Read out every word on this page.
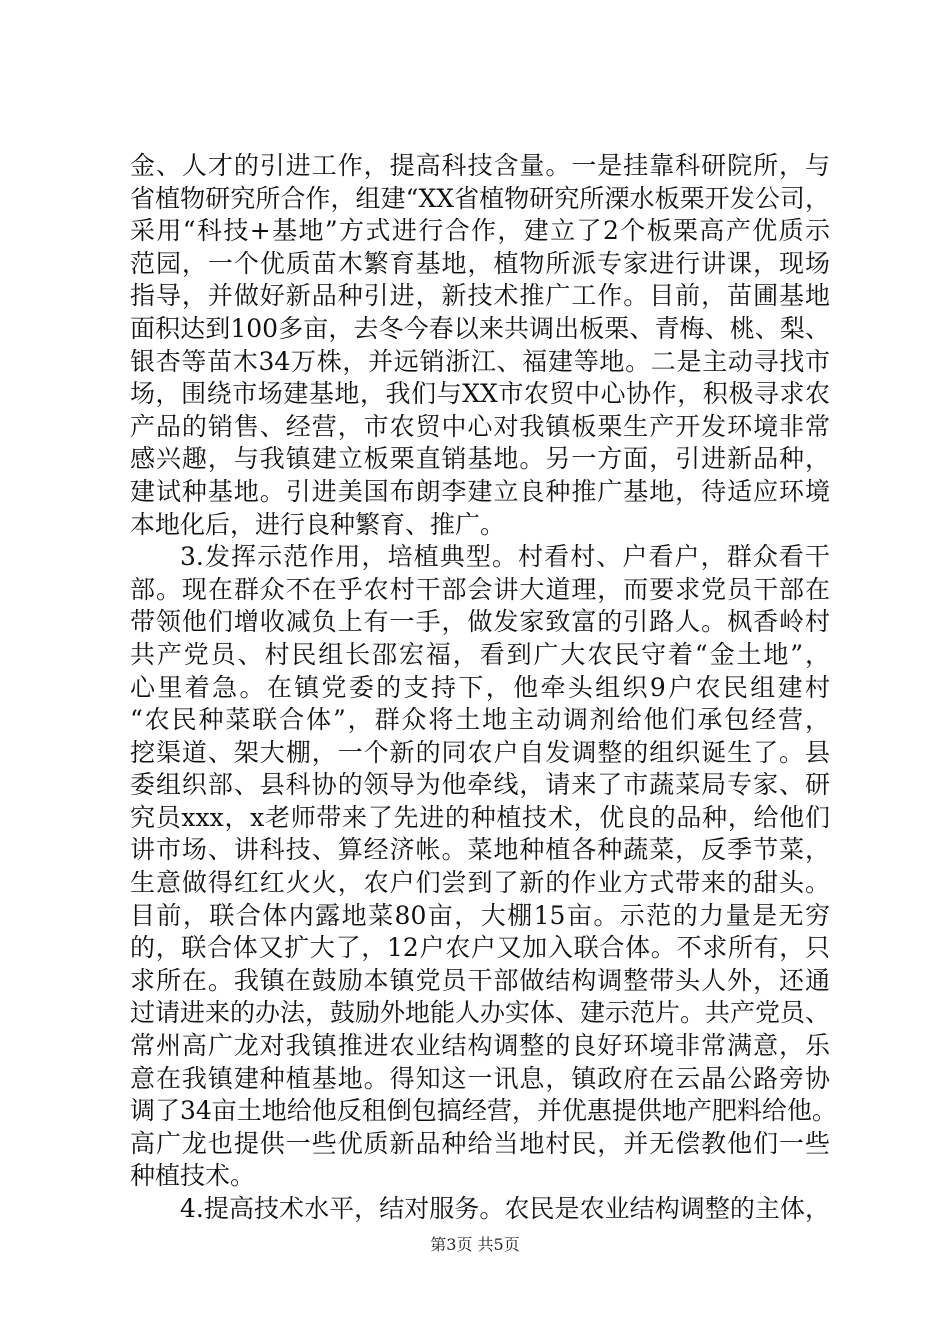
金、人才的引进工作，提高科技含量。一是挂靠科研院所，与
省植物研究所合作，组建“XX省植物研究所溧水板栗开发公司，
采用“科技+基地”方式进行合作，建立了2个板栗高产优质示
范园，一个优质苗木繁育基地，植物所派专家进行讲课，现场
指导，并做好新品种引进，新技术推广工作。目前，苗圃基地
面积达到100多亩，去冬今春以来共调出板栗、青梅、桃、梨、
银杏等苗木34万株，并远销浙江、福建等地。二是主动寻找市
场，围绕市场建基地，我们与XX市农贸中心协作，积极寻求农
产品的销售、经营，市农贸中心对我镇板栗生产开发环境非常
感兴趣，与我镇建立板栗直销基地。另一方面，引进新品种，
建试种基地。引进美国布朗李建立良种推广基地，待适应环境
本地化后，进行良种繁育、推广。
3.发挥示范作用，培植典型。村看村、户看户，群众看干
部。现在群众不在乎农村干部会讲大道理，而要求党员干部在
带领他们增收减负上有一手，做发家致富的引路人。枫香岭村
共产党员、村民组长邵宏福，看到广大农民守着“金土地”，
心里着急。在镇党委的支持下，他牵头组织9户农民组建村
“农民种菜联合体”，群众将土地主动调剂给他们承包经营，
挖渠道、架大棚，一个新的同农户自发调整的组织诞生了。县
委组织部、县科协的领导为他牵线，请来了市蔬菜局专家、研
究员xxx，x老师带来了先进的种植技术，优良的品种，给他们
讲市场、讲科技、算经济帐。菜地种植各种蔬菜，反季节菜，
生意做得红红火火，农户们尝到了新的作业方式带来的甜头。
目前，联合体内露地菜80亩，大棚15亩。示范的力量是无穷
的，联合体又扩大了，12户农户又加入联合体。不求所有，只
求所在。我镇在鼓励本镇党员干部做结构调整带头人外，还通
过请进来的办法，鼓励外地能人办实体、建示范片。共产党员、
常州高广龙对我镇推进农业结构调整的良好环境非常满意，乐
意在我镇建种植基地。得知这一讯息，镇政府在云晶公路旁协
调了34亩土地给他反租倒包搞经营，并优惠提供地产肥料给他。
高广龙也提供一些优质新品种给当地村民，并无偿教他们一些
种植技术。
4.提高技术水平，结对服务。农民是农业结构调整的主体，
第3页 共5页
